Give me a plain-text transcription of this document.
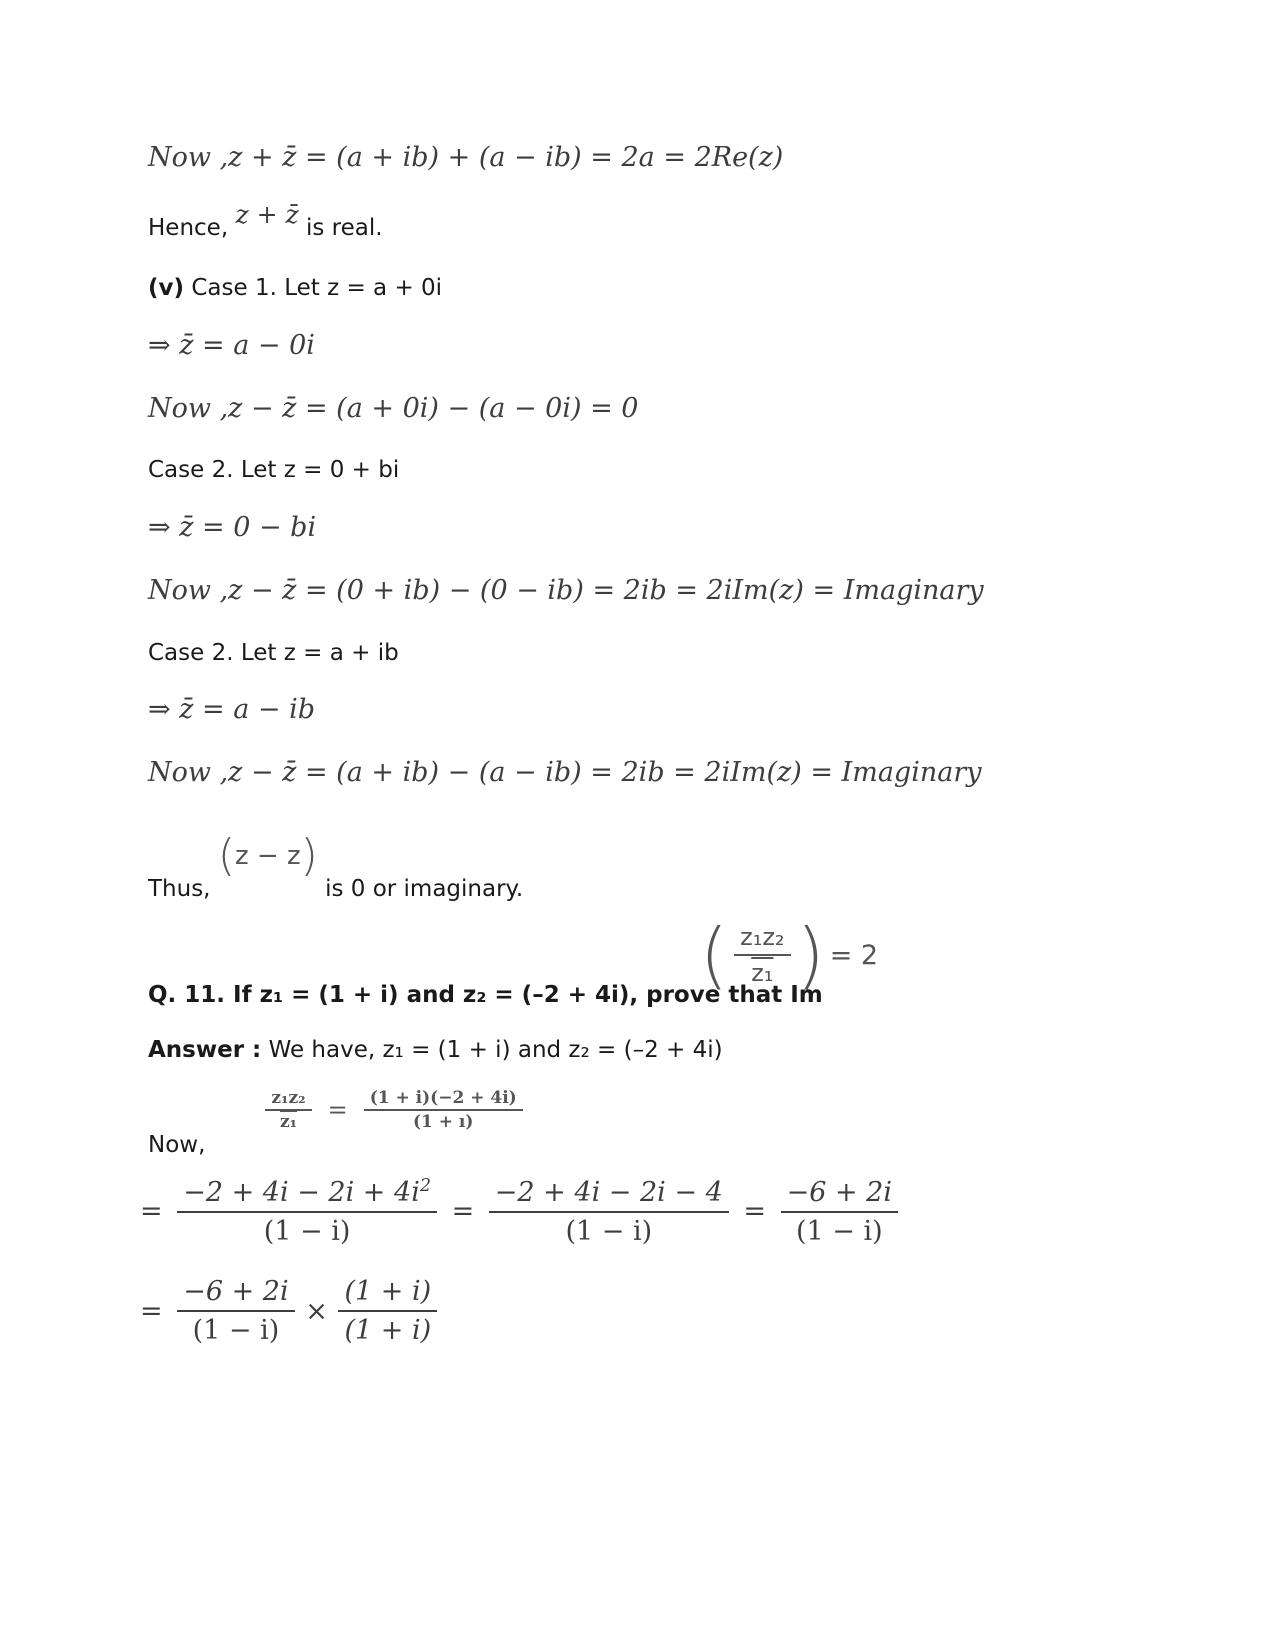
Now ,z + z̄ = (a + ib) + (a − ib) = 2a = 2Re(z)
Hence, z + z̄ is real.
(v) Case 1. Let z = a + 0i
⇒ z̄ = a − 0i
Now ,z − z̄ = (a + 0i) − (a − 0i) = 0
Case 2. Let z = 0 + bi
⇒ z̄ = 0 − bi
Now ,z − z̄ = (0 + ib) − (0 − ib) = 2ib = 2iIm(z) = Imaginary
Case 2. Let z = a + ib
⇒ z̄ = a − ib
Now ,z − z̄ = (a + ib) − (a − ib) = 2ib = 2iIm(z) = Imaginary
Thus, (z − z) is 0 or imaginary.
Q. 11. If z₁ = (1 + i) and z₂ = (–2 + 4i), prove that Im
( $\frac{\text{z₁z₂}}{\text{z₁}}$ ) = 2
Answer : We have, z₁ = (1 + i) and z₂ = (–2 + 4i)
Now,
$\frac{\text{z₁z₂}}{\text{z₁}} = \frac{(1 + i)(-2 + 4i)}{(1 + ı)}$
= $\frac{-2 + 4i - 2i + 4i^2}{(1 - i)} = \frac{-2 + 4i - 2i - 4}{(1 - i)} = \frac{-6 + 2i}{(1 - i)}$
= $\frac{-6 + 2i}{(1 - i)} \times \frac{(1 + i)}{(1 + i)}$
